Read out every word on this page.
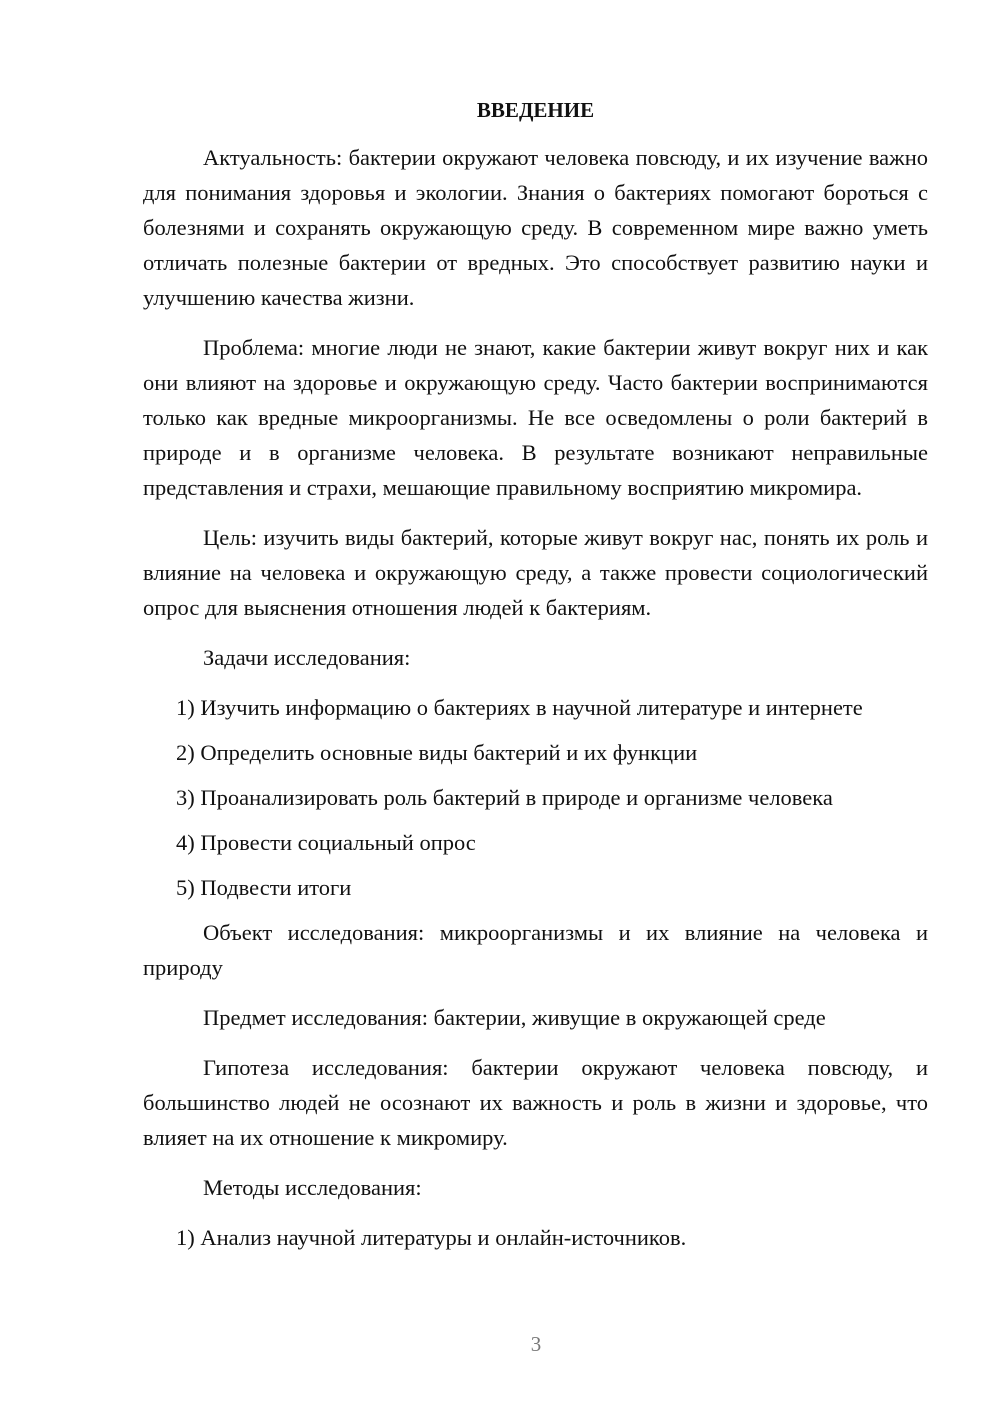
ВВЕДЕНИЕ

Актуальность: бактерии окружают человека повсюду, и их изучение важно для понимания здоровья и экологии. Знания о бактериях помогают бороться с болезнями и сохранять окружающую среду. В современном мире важно уметь отличать полезные бактерии от вредных. Это способствует развитию науки и улучшению качества жизни.

Проблема: многие люди не знают, какие бактерии живут вокруг них и как они влияют на здоровье и окружающую среду. Часто бактерии воспринимаются только как вредные микроорганизмы. Не все осведомлены о роли бактерий в природе и в организме человека. В результате возникают неправильные представления и страхи, мешающие правильному восприятию микромира.

Цель: изучить виды бактерий, которые живут вокруг нас, понять их роль и влияние на человека и окружающую среду, а также провести социологический опрос для выяснения отношения людей к бактериям.

Задачи исследования:

1) Изучить информацию о бактериях в научной литературе и интернете

2) Определить основные виды бактерий и их функции

3) Проанализировать роль бактерий в природе и организме человека

4) Провести социальный опрос

5) Подвести итоги

Объект исследования: микроорганизмы и их влияние на человека и природу

Предмет исследования: бактерии, живущие в окружающей среде

Гипотеза исследования: бактерии окружают человека повсюду, и большинство людей не осознают их важность и роль в жизни и здоровье, что влияет на их отношение к микромиру.

Методы исследования:

1) Анализ научной литературы и онлайн-источников.

3
